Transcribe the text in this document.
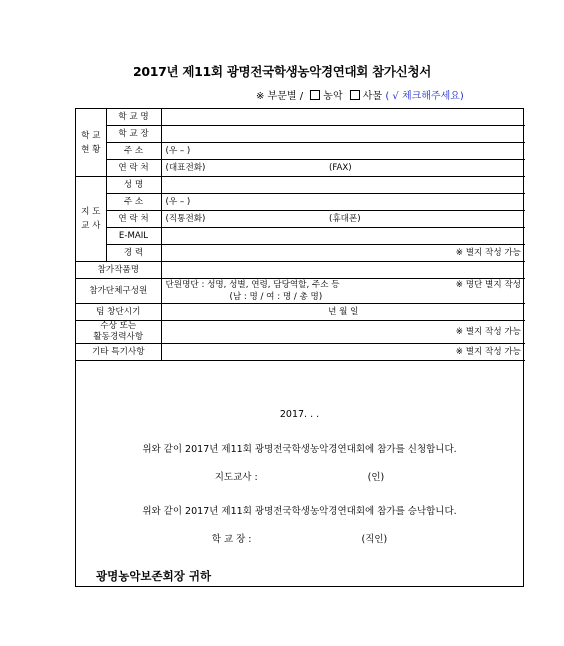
2017년 제11회 광명전국학생농악경연대회 참가신청서
※ 부문별 / 농악 사물 ( √ 체크해주세요)
학 교
현 황	학 교 명		
	학 교 장		
	주 소	(우 – )	
	연 락 처	(대표전화)	(FAX)

지 도
교 사	성 명		
	주 소	(우 – )	
	연 락 처	(직통전화)	(휴대폰)
	E-MAIL		
	경 력	※ 별지 작성 가능	
참가작품명			
참가단체구성원		단원명단 : 성명, 성별, 연령, 담당역할, 주소 등 ※ 명단 별지 작성
(남 : 명 / 여 : 명 / 총 명)	

팀 창단시기		년 월 일	

수상 또는
활동경력사항		※ 별지 작성 가능	
기타 특기사항		※ 별지 작성 가능	
2017. . .
위와 같이 2017년 제11회 광명전국학생농악경연대회에 참가를 신청합니다.
지도교사 :	(인)
위와 같이 2017년 제11회 광명전국학생농악경연대회에 참가를 승낙합니다.
학 교 장 :	(직인)
광명농악보존회장 귀하
